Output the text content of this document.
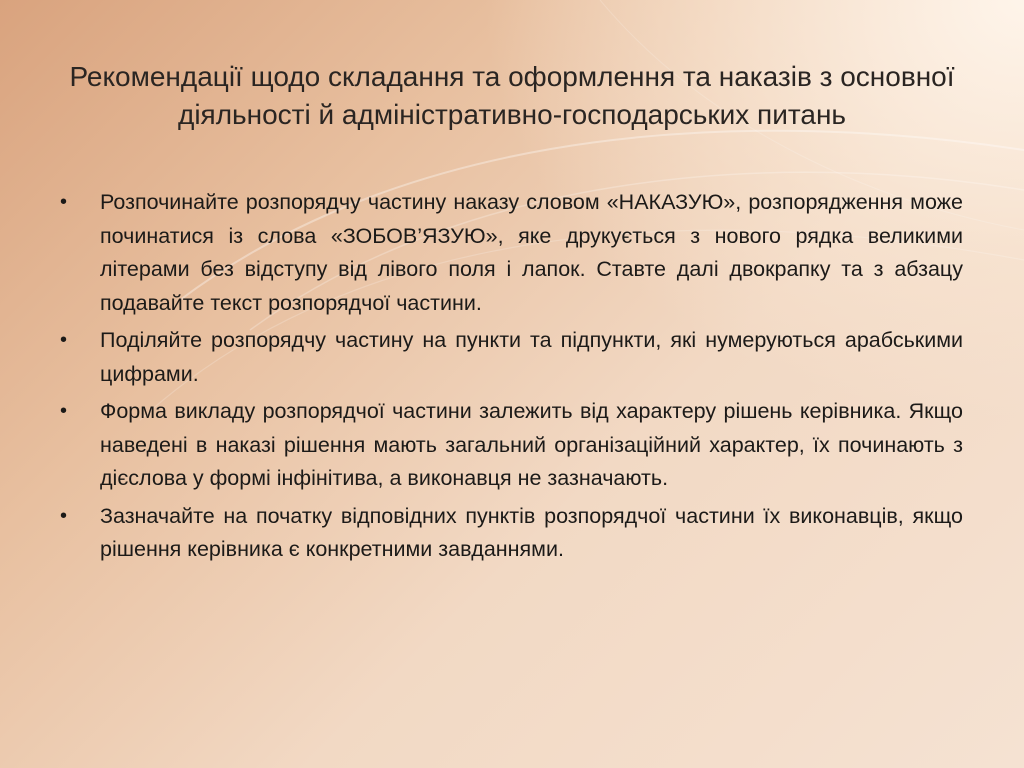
Рекомендації щодо складання та оформлення та наказів з основної діяльності й адміністративно-господарських питань
• Розпочинайте розпорядчу частину наказу словом «НАКАЗУЮ», розпорядження може починатися із слова «ЗОБОВ’ЯЗУЮ», яке друкується з нового рядка великими літерами без відступу від лівого поля і лапок. Ставте далі двокрапку та з абзацу подавайте текст розпорядчої частини.
• Поділяйте розпорядчу частину на пункти та підпункти, які нумеруються арабськими цифрами.
• Форма викладу розпорядчої частини залежить від характеру рішень керівника. Якщо наведені в наказі рішення мають загальний організаційний характер, їх починають з дієслова у формі інфінітива, а виконавця не зазначають.
• Зазначайте на початку відповідних пунктів розпорядчої частини їх виконавців, якщо рішення керівника є конкретними завданнями.
